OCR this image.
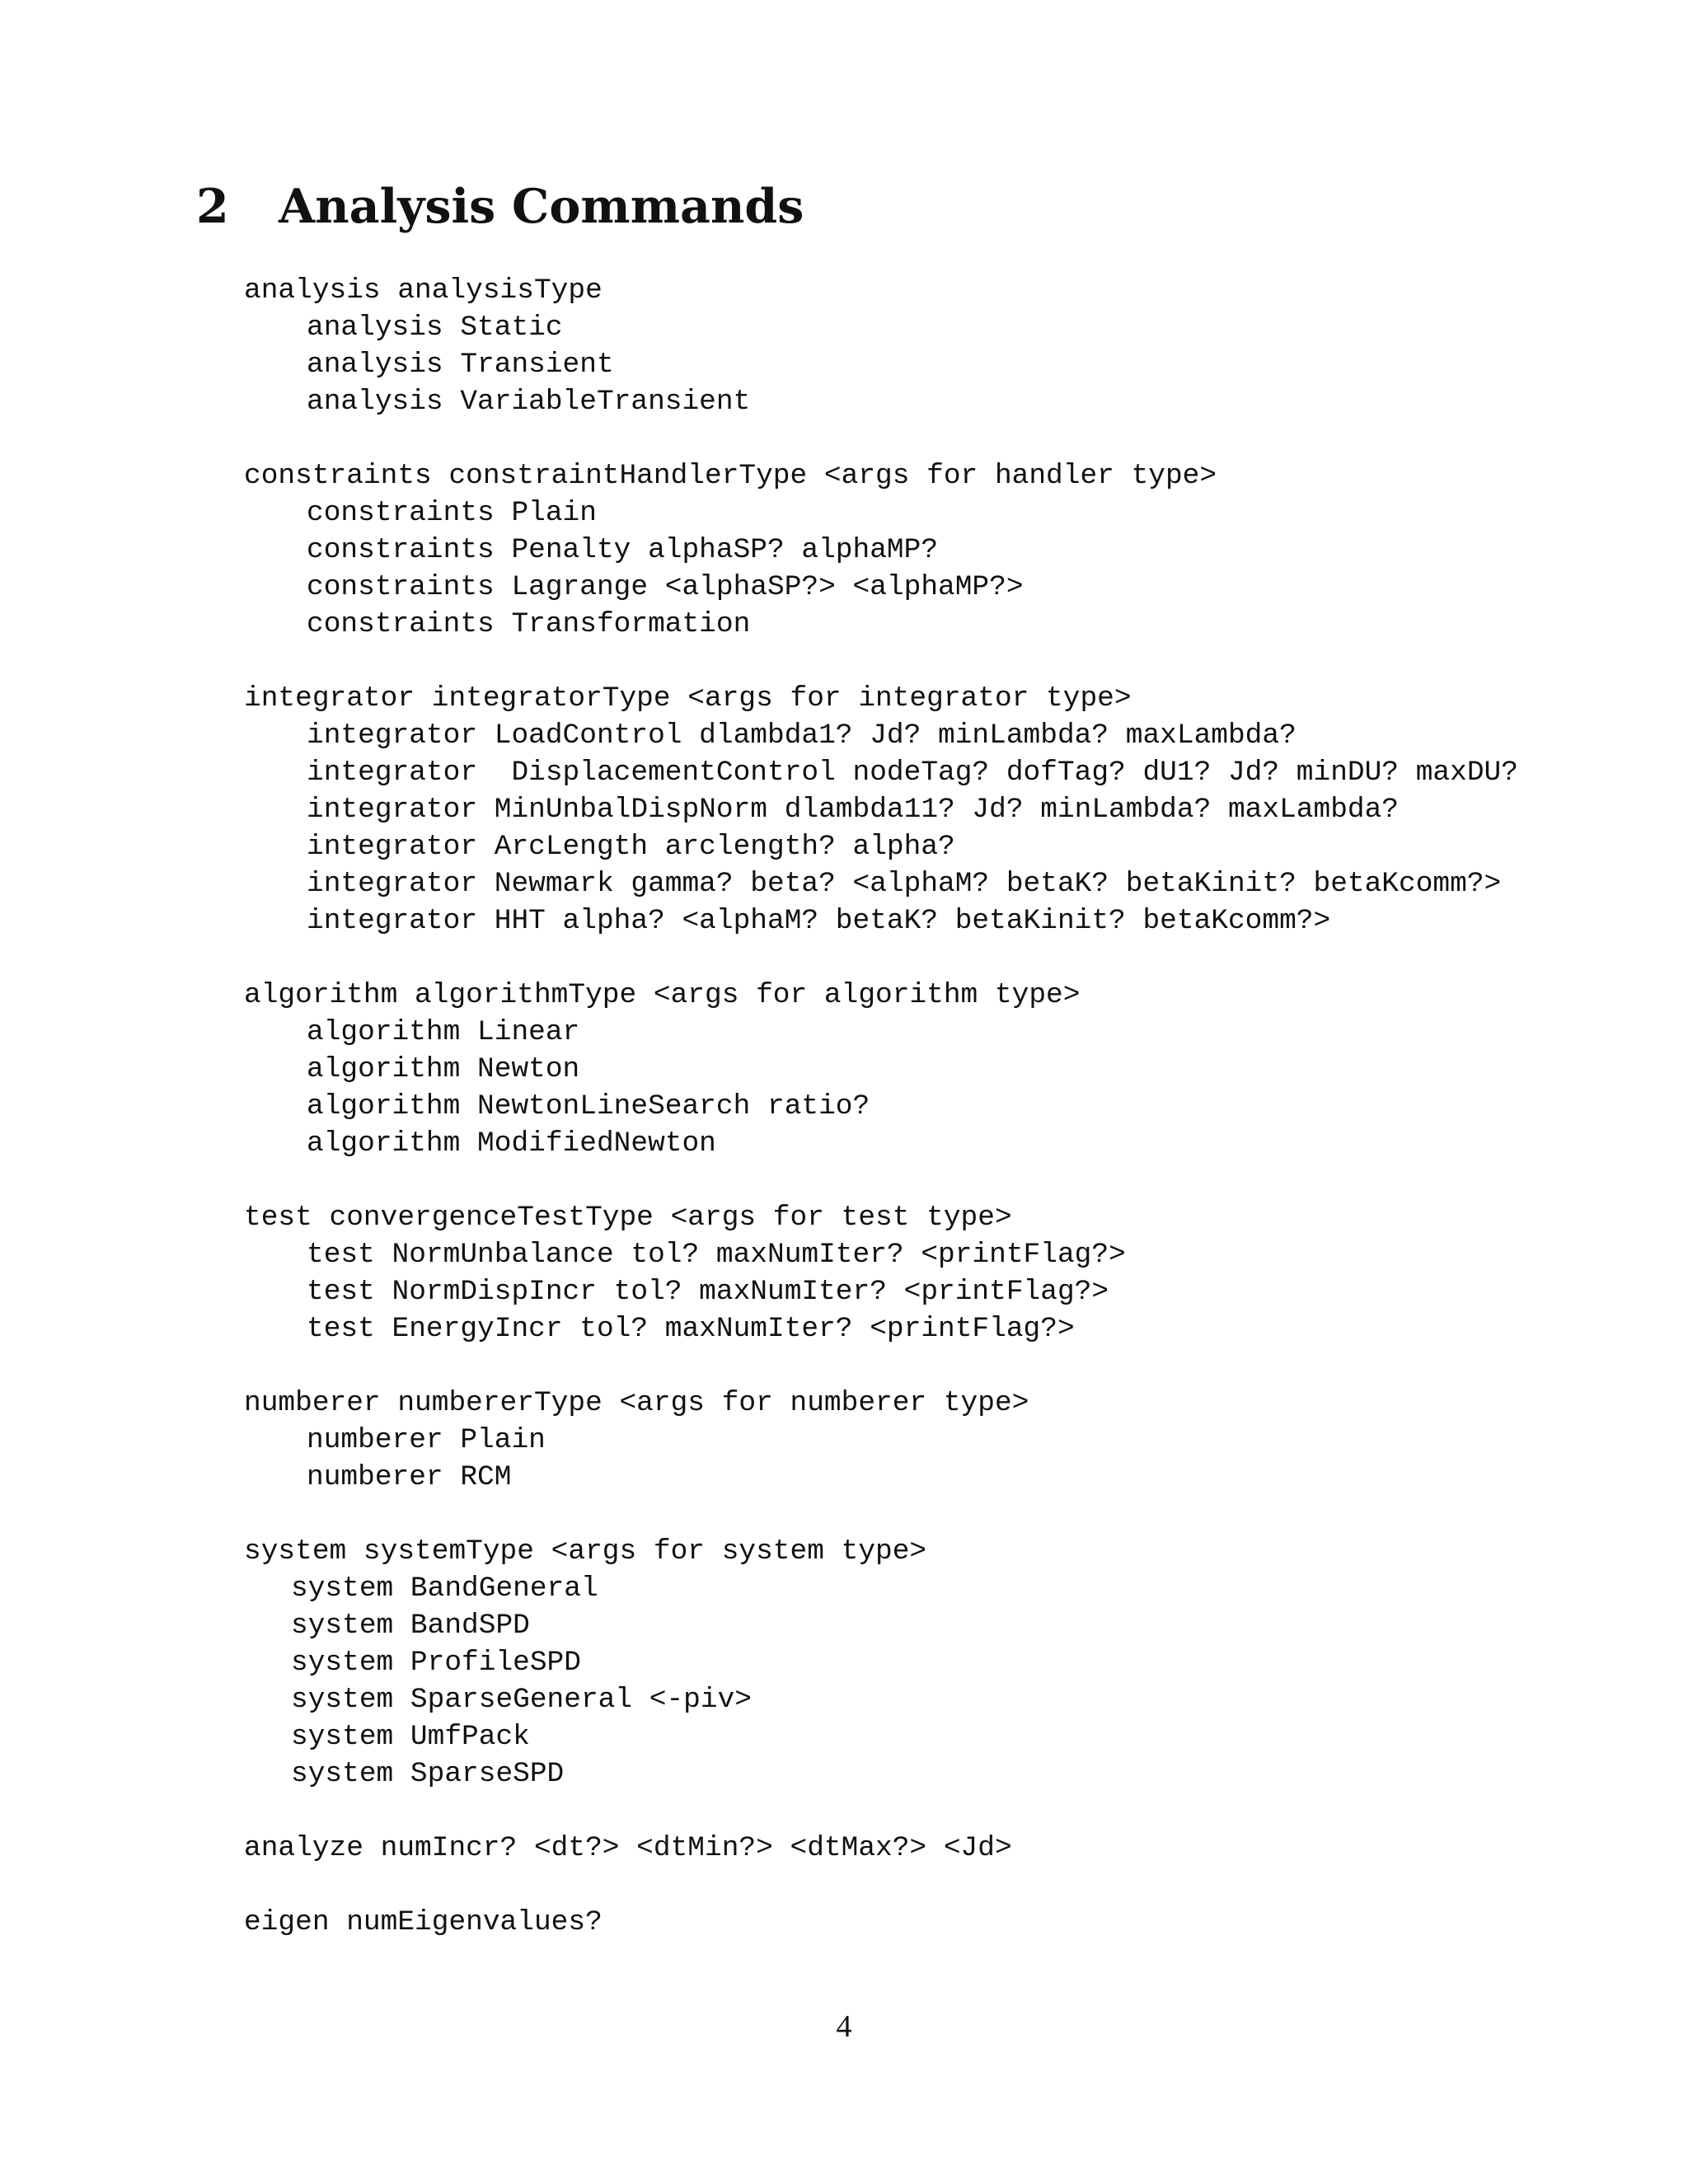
2 Analysis Commands
analysis analysisType
analysis Static
analysis Transient
analysis VariableTransient
constraints constraintHandlerType <args for handler type>
constraints Plain
constraints Penalty alphaSP? alphaMP?
constraints Lagrange <alphaSP?> <alphaMP?>
constraints Transformation
integrator integratorType <args for integrator type>
integrator LoadControl dlambda1? Jd? minLambda? maxLambda?
integrator  DisplacementControl nodeTag? dofTag? dU1? Jd? minDU? maxDU?
integrator MinUnbalDispNorm dlambda11? Jd? minLambda? maxLambda?
integrator ArcLength arclength? alpha?
integrator Newmark gamma? beta? <alphaM? betaK? betaKinit? betaKcomm?>
integrator HHT alpha? <alphaM? betaK? betaKinit? betaKcomm?>
algorithm algorithmType <args for algorithm type>
algorithm Linear
algorithm Newton
algorithm NewtonLineSearch ratio?
algorithm ModifiedNewton
test convergenceTestType <args for test type>
test NormUnbalance tol? maxNumIter? <printFlag?>
test NormDispIncr tol? maxNumIter? <printFlag?>
test EnergyIncr tol? maxNumIter? <printFlag?>
numberer numbererType <args for numberer type>
numberer Plain
numberer RCM
system systemType <args for system type>
system BandGeneral
system BandSPD
system ProfileSPD
system SparseGeneral <-piv>
system UmfPack
system SparseSPD
analyze numIncr? <dt?> <dtMin?> <dtMax?> <Jd>
eigen numEigenvalues?
4
